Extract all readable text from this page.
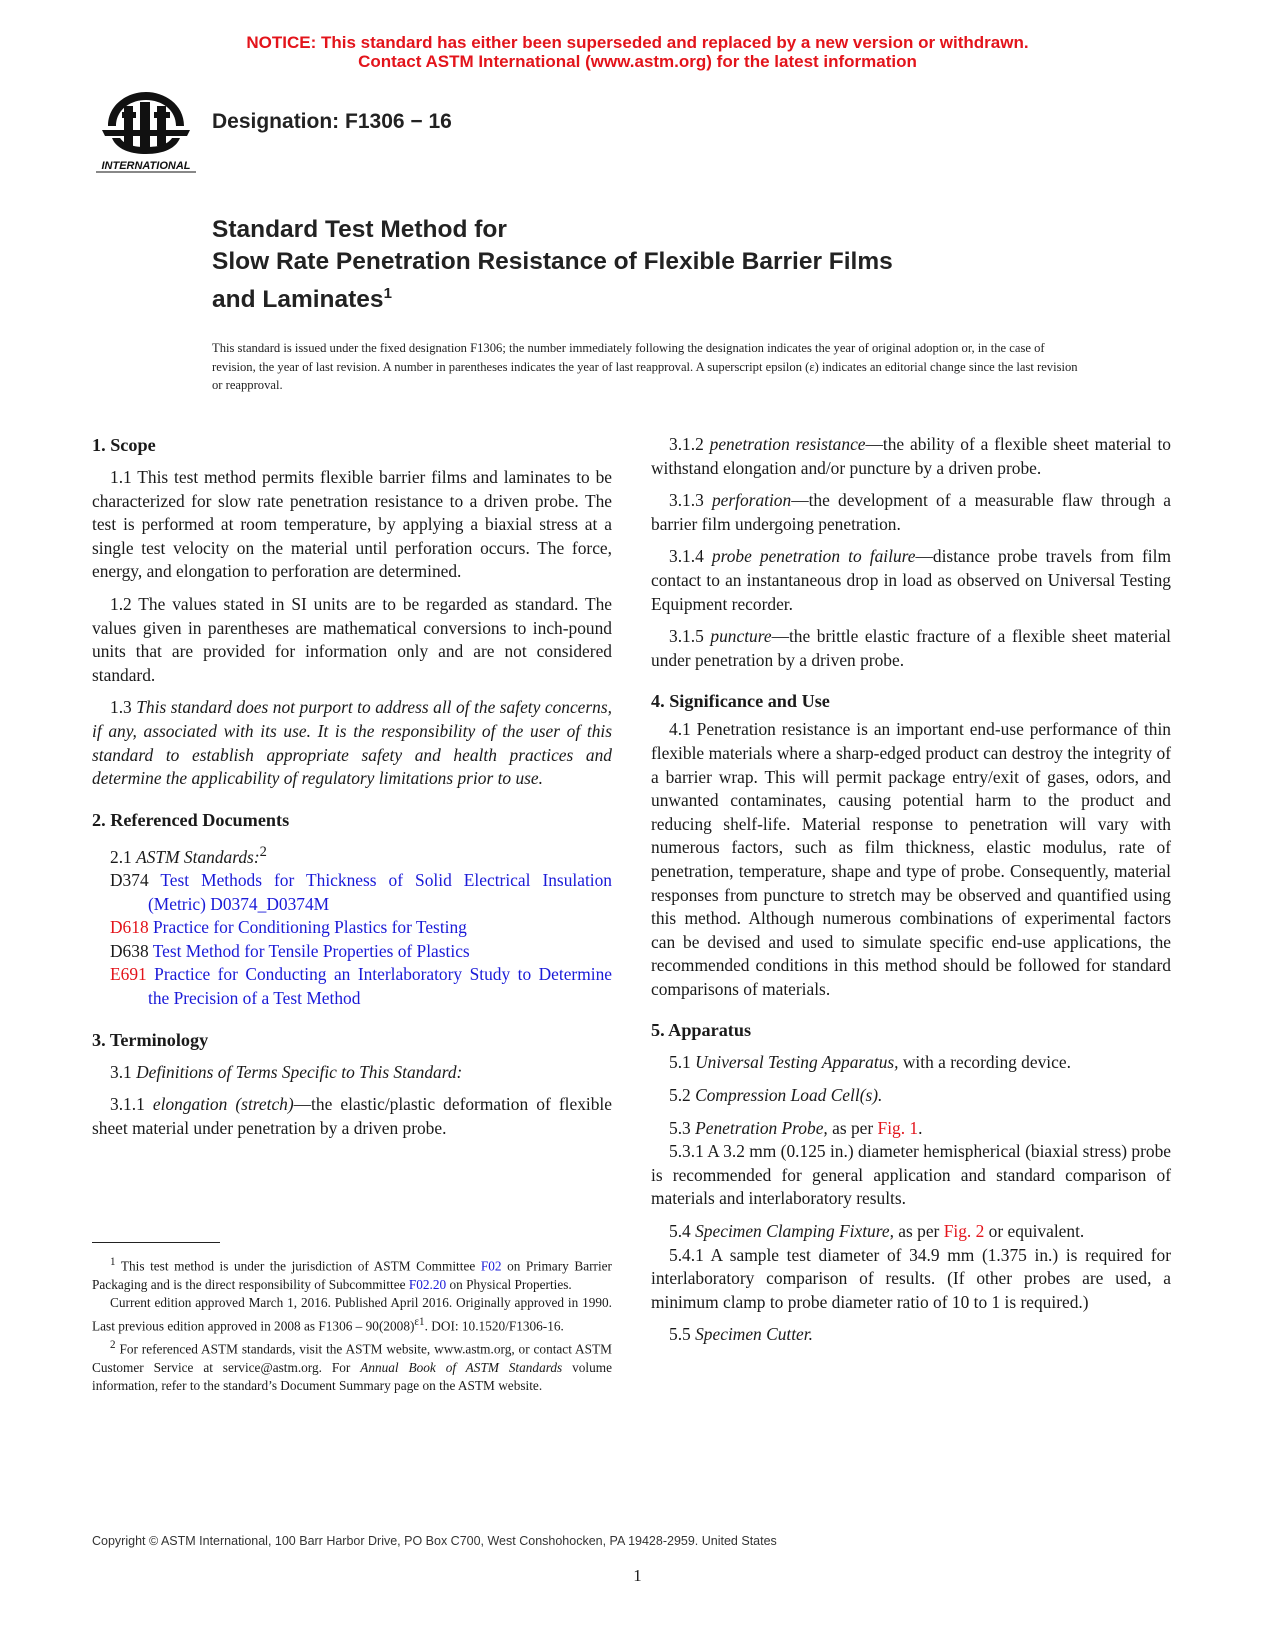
NOTICE: This standard has either been superseded and replaced by a new version or withdrawn.
Contact ASTM International (www.astm.org) for the latest information
INTERNATIONAL
Designation: F1306 − 16
Standard Test Method for
Slow Rate Penetration Resistance of Flexible Barrier Films
and Laminates$^1$
This standard is issued under the fixed designation F1306; the number immediately following the designation indicates the year of original adoption or, in the case of revision, the year of last revision. A number in parentheses indicates the year of last reapproval. A superscript epsilon (ε) indicates an editorial change since the last revision or reapproval.
1. Scope

1.1 This test method permits flexible barrier films and laminates to be characterized for slow rate penetration resistance to a driven probe. The test is performed at room temperature, by applying a biaxial stress at a single test velocity on the material until perforation occurs. The force, energy, and elongation to perforation are determined.

1.2 The values stated in SI units are to be regarded as standard. The values given in parentheses are mathematical conversions to inch-pound units that are provided for information only and are not considered standard.

1.3 This standard does not purport to address all of the safety concerns, if any, associated with its use. It is the responsibility of the user of this standard to establish appropriate safety and health practices and determine the applicability of regulatory limitations prior to use.

2. Referenced Documents

2.1 ASTM Standards:$^2$

D374 Test Methods for Thickness of Solid Electrical Insulation (Metric) D0374_D0374M

D618 Practice for Conditioning Plastics for Testing

D638 Test Method for Tensile Properties of Plastics

E691 Practice for Conducting an Interlaboratory Study to Determine the Precision of a Test Method

3. Terminology

3.1 Definitions of Terms Specific to This Standard:

3.1.1 elongation (stretch)—the elastic/plastic deformation of flexible sheet material under penetration by a driven probe.

3.1.2 penetration resistance—the ability of a flexible sheet material to withstand elongation and/or puncture by a driven probe.

3.1.3 perforation—the development of a measurable flaw through a barrier film undergoing penetration.

3.1.4 probe penetration to failure—distance probe travels from film contact to an instantaneous drop in load as observed on Universal Testing Equipment recorder.

3.1.5 puncture—the brittle elastic fracture of a flexible sheet material under penetration by a driven probe.

4. Significance and Use

4.1 Penetration resistance is an important end-use performance of thin flexible materials where a sharp-edged product can destroy the integrity of a barrier wrap. This will permit package entry/exit of gases, odors, and unwanted contaminates, causing potential harm to the product and reducing shelf-life. Material response to penetration will vary with numerous factors, such as film thickness, elastic modulus, rate of penetration, temperature, shape and type of probe. Consequently, material responses from puncture to stretch may be observed and quantified using this method. Although numerous combinations of experimental factors can be devised and used to simulate specific end-use applications, the recommended conditions in this method should be followed for standard comparisons of materials.

5. Apparatus

5.1 Universal Testing Apparatus, with a recording device.

5.2 Compression Load Cell(s).

5.3 Penetration Probe, as per Fig. 1.

5.3.1 A 3.2 mm (0.125 in.) diameter hemispherical (biaxial stress) probe is recommended for general application and standard comparison of materials and interlaboratory results.

5.4 Specimen Clamping Fixture, as per Fig. 2 or equivalent.

5.4.1 A sample test diameter of 34.9 mm (1.375 in.) is required for interlaboratory comparison of results. (If other probes are used, a minimum clamp to probe diameter ratio of 10 to 1 is required.)

5.5 Specimen Cutter.

$^1$ This test method is under the jurisdiction of ASTM Committee F02 on Primary Barrier Packaging and is the direct responsibility of Subcommittee F02.20 on Physical Properties.

Current edition approved March 1, 2016. Published April 2016. Originally approved in 1990. Last previous edition approved in 2008 as $F1306 - 90(2008)^{\varepsilon 1}$. DOI: 10.1520/F1306-16.

$^2$ For referenced ASTM standards, visit the ASTM website, www.astm.org, or contact ASTM Customer Service at service@astm.org. For Annual Book of ASTM Standards volume information, refer to the standard’s Document Summary page on the ASTM website.

Copyright © ASTM International, 100 Barr Harbor Drive, PO Box C700, West Conshohocken, PA 19428-2959. United States
1
